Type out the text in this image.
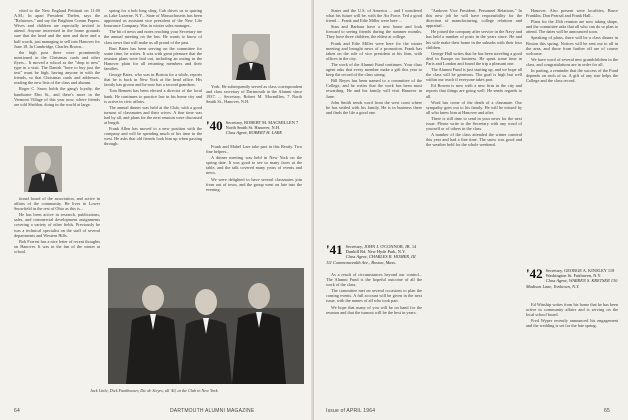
vited to the New England Pettinati on 11:00 A.M.; In apart President Thefen, says the "Relatoxes," and say the Brighton Comm Papers. Wives and children are especially invited to attend. Anyone interested in the home grounds sure that the head and the men and three and a half words, just managing to sell into Hanover for June 18. In Cambridge, Charles Brown...

the high post there were prominently mentioned in the Christmas cards and other flyers... It moved a school as the "drop to new" type in a visit. The Danish "have to buy just the text" must be high, having anyone in with the friends, so that Christmas cards and addresses, reading the new lists of the class and alumni.

Roger C. Snow holds the gang's loyalty, the handsome Elm St., and there's more in the Vermont Village of this year now, where friends are told Sheldon, doing in the world at large.

tional board of the association, and active in affairs of the community. He lives in Lower Snowfield in the rest of Ohio as this is...

He has been active in research, publications, sales, and commercial development assignments covering a variety of other fields. Previously he was a technical specialist on the staff of several departments and Western Hills.

Bob Forrest has a nice letter of recent thoughts on Hanover. It was in the fun of the winter at school.

spring for a bob long sling. Cab drives us to quiring as Lake Luzerne, N.Y... State of Massachusetts has been appointed as assistant vice president of the New Life Insurance Company. Was in winter sales manager...

The bit of news and notes reaching your Secretary are the annual meeting on the bus. He wants to know of class news that will make us all proud of the past.

Burt Bates has been serving on the committee for some time, he writes. It was with great pleasure that the reunion plans were laid out, including an outing in the Hanover plain for all returning members and their families.

George Bates, who was in Boston for a while, reports that he is back in New York at the head office. His family has grown and he now has a second grandson.

Tom Bennett has been elected a director of the local bank. He continues to practice law in his home city and is active in civic affairs.

The annual dinner was held at the Club, with a good turnout of classmates and their wives. A fine time was had by all, and plans for the next reunion were discussed at length.

Frank Allen has moved to a new position with the company and will be spending much of his time in the west. He asks that old friends look him up when passing through.

York. He subsequently served as class correspondent and class secretary of Dartmouth in the Alumni since 1937. ... Secretary, Robert M. Macmillen, 7 North Smith St., Hanover, N.H.

'40 Secretary, ROBERT M. MACMILLEN 7 North Smith St. Hanover, N.H.
Class Agent, ROBERT H. LARE

Frank and Mabel Lare take part in this Beatty. Two fine helpers...

A dinner meeting was held in New York on the spring date. It was good to see so many faces at the table, and the talk covered many years of events and news.

We were delighted to have several classmates join from out of town, and the group went on late into the evening.

Jack Little, Dick Funkhouser, Dic de Sieyes, all '40, at the Club in New York.
64	DARTMOUTH ALUMNI MAGAZINE

States and the U.S. of America ... and I wondered what his future will be, with the Air Force. Ted a good friend ... Frank and Edie Miller were here ...

Stan and Barbara have a new home and look forward to seeing friends during the summer months. They have three children, the eldest at college.

Frank and Edie Miller were here for the winter meeting and brought news of a promotion. Frank has taken on the role of vice president at his firm, with offices in the city.

The work of the Alumni Fund continues. Your class agent asks that every member make a gift this year to keep the record of the class strong.

Bill Reyes has been named to a committee of the College, and he writes that the work has been most rewarding. He and his family will visit Hanover in June.

John Smith sends word from the west coast where he has settled with his family. He is in business there and finds the life a good one.

'41 Secretary, JOHN J. O'CONNOR, JR. 14 Dunhill Rd. New Hyde Park, N.Y.
Class Agent, CHARLES R. HOMER, III 111 Commonwealth Ave., Boston, Mass.

As a result of circumstances beyond our control... The Alumni Fund is the hopeful outcome of all the work of the class.

The committee met on several occasions to plan the coming events. A full account will be given in the next issue, with the names of all who took part.

We hope that many of you will be on hand for the reunion and that the turnout will be the best in years.

"Andover Vice President, Personnel Relations." In this new job he will have responsibility for the direction of manufacturing, college relations and appraisal...

He joined the company after service in the Navy and has held a number of posts in the years since. He and his wife make their home in the suburbs with their four children.

George Hall writes that he has been traveling a good deal in Europe on business. He spent some time in Paris and London and found the trip a pleasant one.

The Alumni Fund is just starting up, and we hope all the class will be generous. The goal is high but well within our reach if everyone takes part.

Ed Bowen is now with a new firm in the city and reports that things are going well. He sends regards to all.

Word has come of the death of a classmate. Our sympathy goes out to his family. He will be missed by all who knew him at Hanover and after.

There is still time to send in your news for the next issue. Please write to the Secretary with any word of yourself or of others in the class.

A number of the class attended the winter carnival this year and had a fine time. The snow was good and the weather held for the whole weekend.

Hanover. Also present were localities, Bruce Franklin, Don Pearsal and Frank Hall...

Plans for the 25th reunion are now taking shape, and the committee asks that all who can do so plan to attend. The dates will be announced soon.

Speaking of plans, there will be a class dinner in Boston this spring. Notices will be sent out to all in the area, and those from further off are of course welcome.

We have word of several new grandchildren in the class, and congratulations are in order for all.

In parting, a reminder that the success of the Fund depends on each of us. A gift of any size helps the College and the class record.

'42 Secretary, GEORGE A. KINSLEY 118 Washington St. Fairhaven, N.Y.
Class Agent, WARREN S. KRETSER 130 Madison Lane, Yorktown, N.Y.

Ed Winship writes from his home that he has been active in community affairs and is serving on the local school board.

Fred Wyper recently announced his engagement and the wedding is set for the late spring.

Issue of APRIL 1964	65
